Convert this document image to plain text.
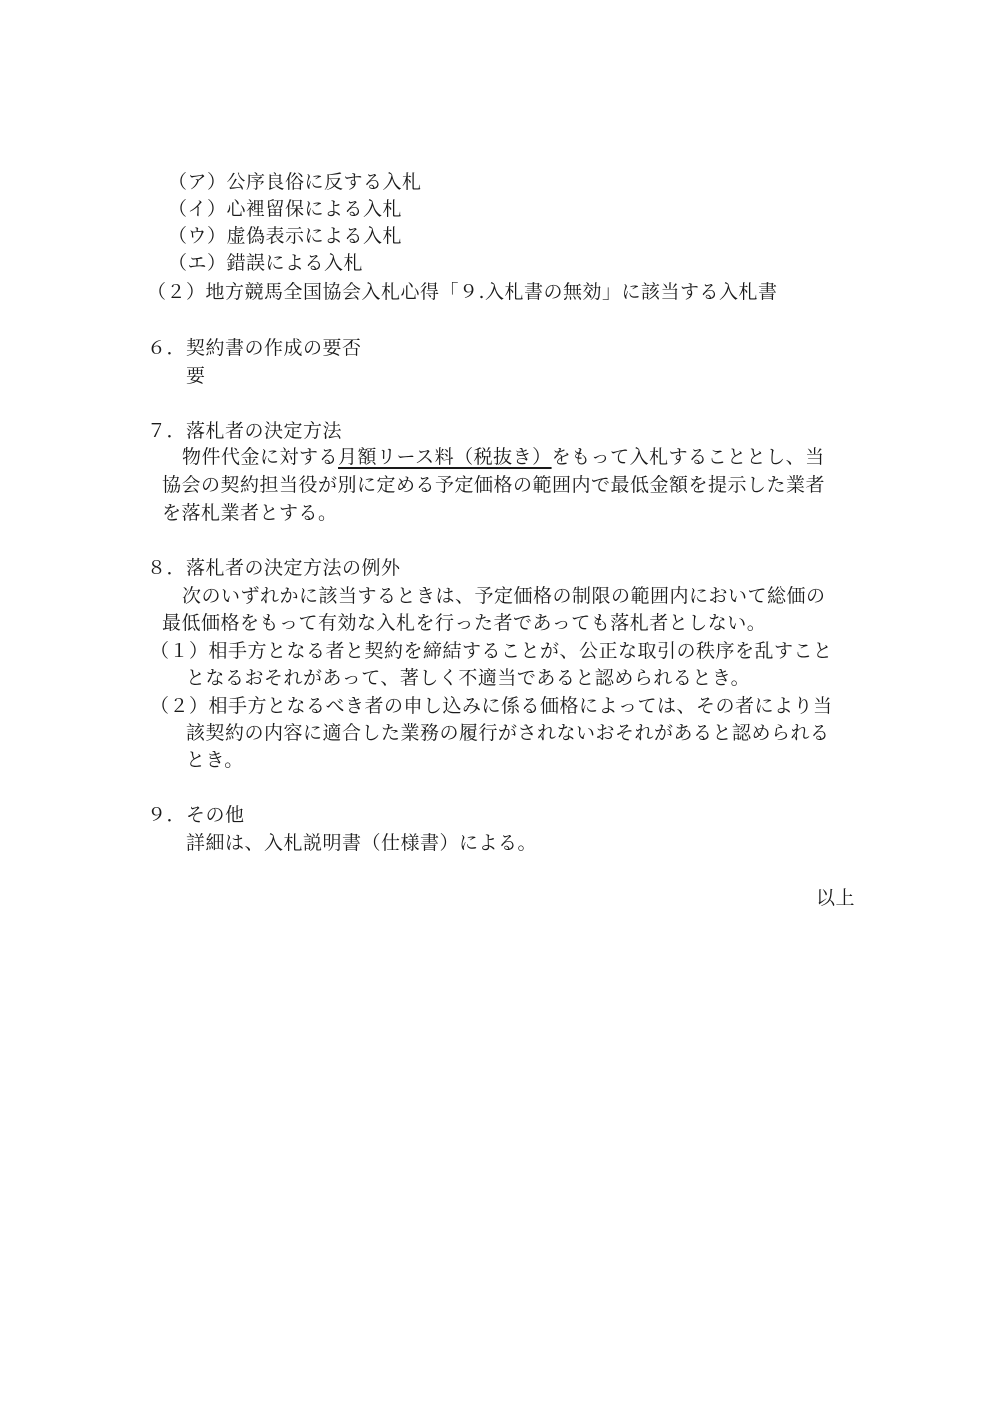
（ア）公序良俗に反する入札
（イ）心裡留保による入札
（ウ）虚偽表示による入札
（エ）錯誤による入札
（２）地方競馬全国協会入札心得「９.入札書の無効」に該当する入札書
６．契約書の作成の要否
要
７．落札者の決定方法
物件代金に対する月額リース料（税抜き）をもって入札することとし、当
協会の契約担当役が別に定める予定価格の範囲内で最低金額を提示した業者
を落札業者とする。
８．落札者の決定方法の例外
次のいずれかに該当するときは、予定価格の制限の範囲内において総価の
最低価格をもって有効な入札を行った者であっても落札者としない。
（１）相手方となる者と契約を締結することが、公正な取引の秩序を乱すこと
となるおそれがあって、著しく不適当であると認められるとき。
（２）相手方となるべき者の申し込みに係る価格によっては、その者により当
該契約の内容に適合した業務の履行がされないおそれがあると認められる
とき。
９．その他
詳細は、入札説明書（仕様書）による。
以上
